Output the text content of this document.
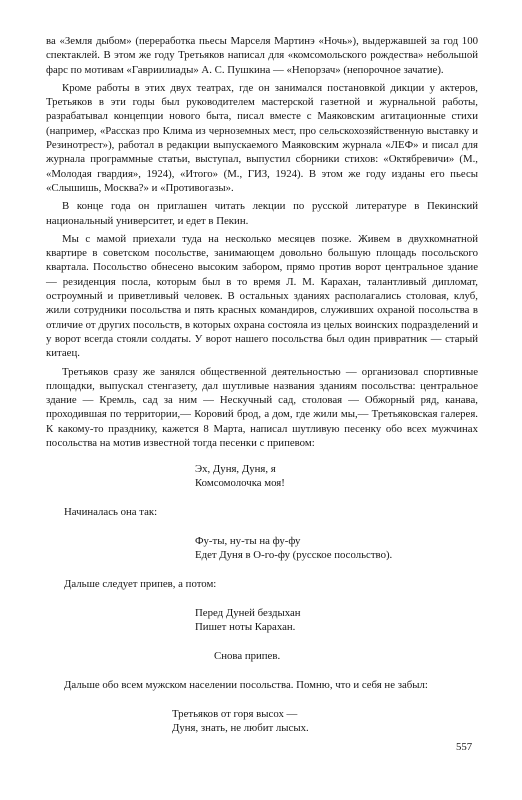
ва «Земля дыбом» (переработка пьесы Марселя Мартинэ «Ночь»), выдержавшей за год 100 спектаклей. В этом же году Третьяков написал для «комсомольского рождества» небольшой фарс по мотивам «Гавриилиады» А. С. Пушкина — «Непорзач» (непорочное зачатие).

Кроме работы в этих двух театрах, где он занимался постановкой дикции у актеров, Третьяков в эти годы был руководителем мастерской газетной и журнальной работы, разрабатывал концепции нового быта, писал вместе с Маяковским агитационные стихи (например, «Рассказ про Клима из черноземных мест, про сельскохозяйственную выставку и Резинотрест»), работал в редакции выпускаемого Маяковским журнала «ЛЕФ» и писал для журнала программные статьи, выступал, выпустил сборники стихов: «Октябревичи» (М., «Молодая гвардия», 1924), «Итого» (М., ГИЗ, 1924). В этом же году изданы его пьесы «Слышишь, Москва?» и «Противогазы».

В конце года он приглашен читать лекции по русской литературе в Пекинский национальный университет, и едет в Пекин.

Мы с мамой приехали туда на несколько месяцев позже. Живем в двухкомнатной квартире в советском посольстве, занимающем довольно большую площадь посольского квартала. Посольство обнесено высоким забором, прямо против ворот центральное здание — резиденция посла, которым был в то время Л. М. Карахан, талантливый дипломат, остроумный и приветливый человек. В остальных зданиях располагались столовая, клуб, жили сотрудники посольства и пять красных командиров, служивших охраной посольства в отличие от других посольств, в которых охрана состояла из целых воинских подразделений и у ворот всегда стояли солдаты. У ворот нашего посольства был один привратник — старый китаец.

Третьяков сразу же занялся общественной деятельностью — организовал спортивные площадки, выпускал стенгазету, дал шутливые названия зданиям посольства: центральное здание — Кремль, сад за ним — Нескучный сад, столовая — Обжорный ряд, канава, проходившая по территории,— Коровий брод, а дом, где жили мы,— Третьяковская галерея. К какому-то празднику, кажется 8 Марта, написал шутливую песенку обо всех мужчинах посольства на мотив известной тогда песенки с припевом:

Эх, Дуня, Дуня, я
Комсомолочка моя!
Начиналась она так:
Фу-ты, ну-ты на фу-фу
Едет Дуня в О-го-фу (русское посольство).
Дальше следует припев, а потом:
Перед Дуней бездыхан
Пишет ноты Карахан.
Снова припев.
Дальше обо всем мужском населении посольства. Помню, что и себя не забыл:
Третьяков от горя высох —
Дуня, знать, не любит лысых.
557
